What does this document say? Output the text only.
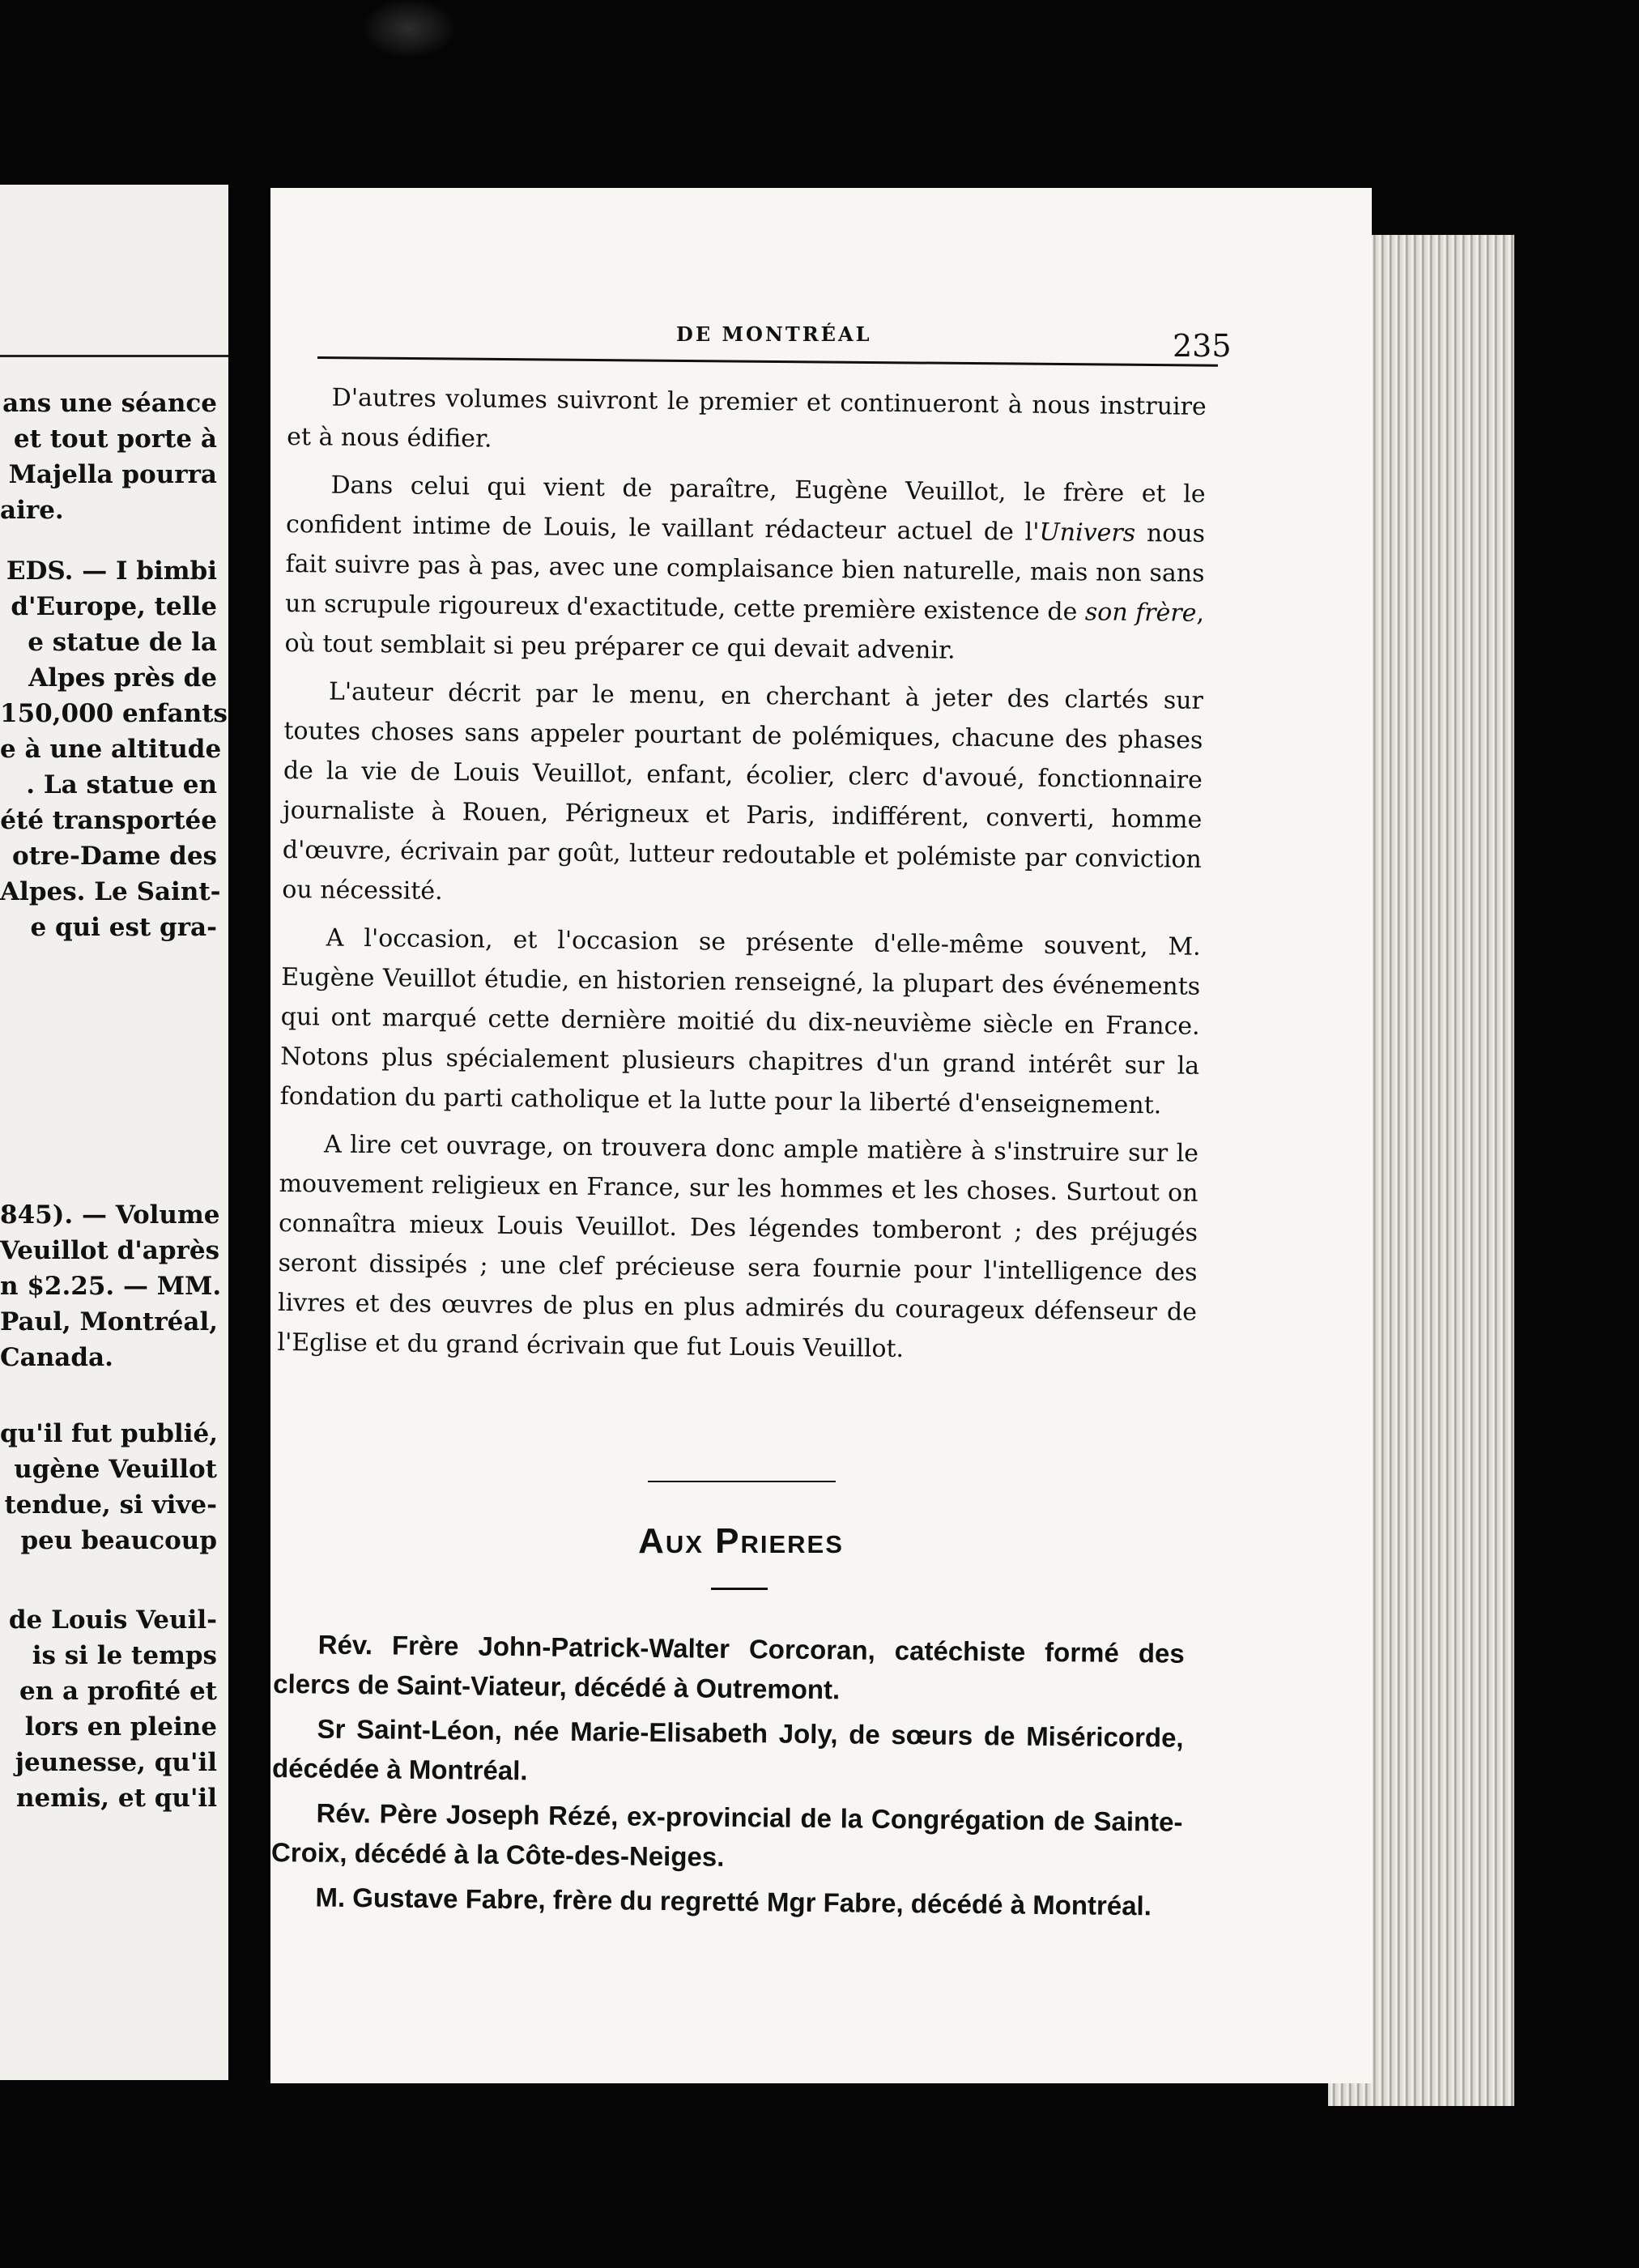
ans une séance
et tout porte à
Majella pourra
aire.
EDS. — I bimbi
d'Europe, telle
e statue de la
Alpes près de
150,000 enfants
e à une altitude
. La statue en
été transportée
otre-Dame des
Alpes. Le Saint-
e qui est gra-
845). — Volume
Veuillot d'après
n $2.25. — MM.
Paul, Montréal,
Canada.
qu'il fut publié,
ugène Veuillot
tendue, si vive-
peu beaucoup
de Louis Veuil-
is si le temps
en a profité et
lors en pleine
jeunesse, qu'il
nemis, et qu'il
DE MONTRÉAL	235

D'autres volumes suivront le premier et continueront à nous instruire et à nous édifier.

Dans celui qui vient de paraître, Eugène Veuillot, le frère et le confident intime de Louis, le vaillant rédacteur actuel de l'Univers nous fait suivre pas à pas, avec une complaisance bien naturelle, mais non sans un scrupule rigoureux d'exactitude, cette première existence de son frère, où tout semblait si peu préparer ce qui devait advenir.

L'auteur décrit par le menu, en cherchant à jeter des clartés sur toutes choses sans appeler pourtant de polémiques, chacune des phases de la vie de Louis Veuillot, enfant, écolier, clerc d'avoué, fonctionnaire journaliste à Rouen, Périgneux et Paris, indifférent, converti, homme d'œuvre, écrivain par goût, lutteur redoutable et polémiste par conviction ou nécessité.

A l'occasion, et l'occasion se présente d'elle-même souvent, M. Eugène Veuillot étudie, en historien renseigné, la plupart des événements qui ont marqué cette dernière moitié du dix-neuvième siècle en France. Notons plus spécialement plusieurs chapitres d'un grand intérêt sur la fondation du parti catholique et la lutte pour la liberté d'enseignement.

A lire cet ouvrage, on trouvera donc ample matière à s'instruire sur le mouvement religieux en France, sur les hommes et les choses. Surtout on connaîtra mieux Louis Veuillot. Des légendes tomberont ; des préjugés seront dissipés ; une clef précieuse sera fournie pour l'intelligence des livres et des œuvres de plus en plus admirés du courageux défenseur de l'Eglise et du grand écrivain que fut Louis Veuillot.

Aux Prieres

Rév. Frère John-Patrick-Walter Corcoran, catéchiste formé des clercs de Saint-Viateur, décédé à Outremont.

Sr Saint-Léon, née Marie-Elisabeth Joly, de sœurs de Miséricorde, décédée à Montréal.

Rév. Père Joseph Rézé, ex-provincial de la Congrégation de Sainte-Croix, décédé à la Côte-des-Neiges.

M. Gustave Fabre, frère du regretté Mgr Fabre, décédé à Montréal.
